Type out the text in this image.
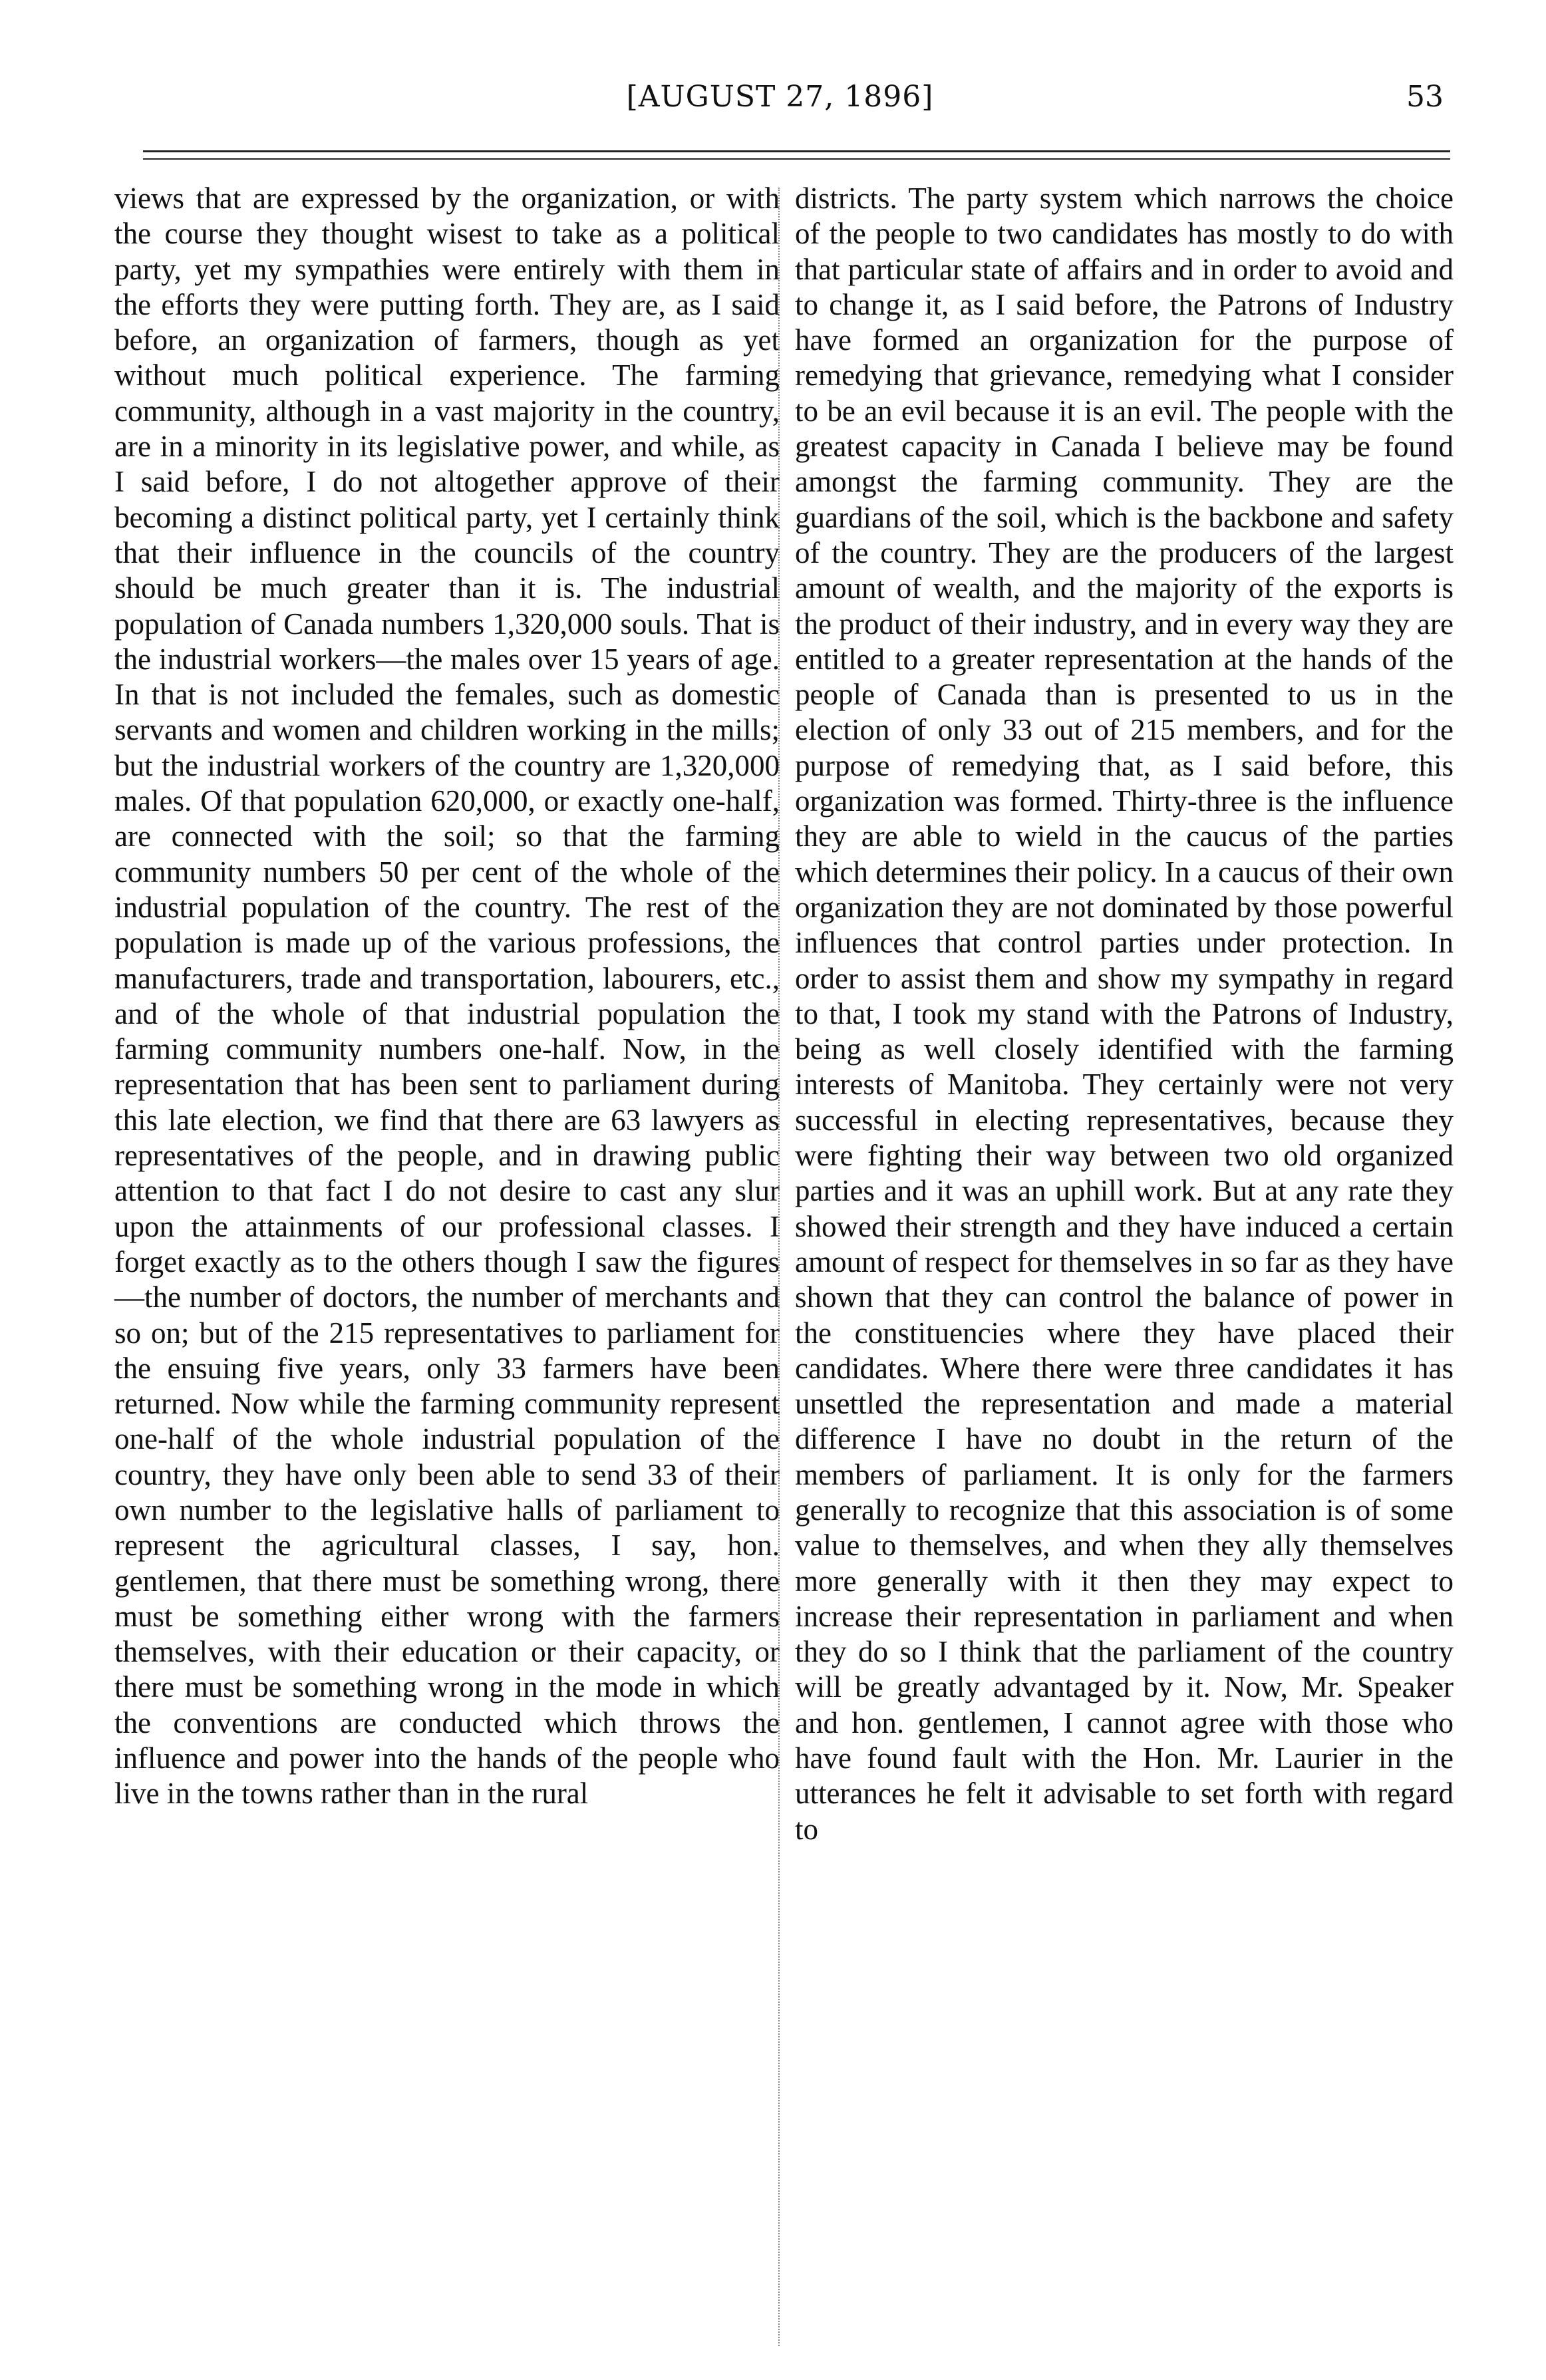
[AUGUST 27, 1896]	53

views that are expressed by the organization, or with the course they thought wisest to take as a political party, yet my sympathies were entirely with them in the efforts they were putting forth. They are, as I said before, an organization of farmers, though as yet without much political experience. The farming community, although in a vast majority in the country, are in a minority in its legislative power, and while, as I said before, I do not altogether approve of their becoming a distinct political party, yet I certainly think that their influence in the councils of the country should be much greater than it is. The industrial population of Canada numbers 1,320,000 souls. That is the industrial workers—the males over 15 years of age. In that is not included the females, such as domestic servants and women and children working in the mills; but the industrial workers of the country are 1,320,000 males. Of that population 620,000, or exactly one-half, are connected with the soil; so that the farming community numbers 50 per cent of the whole of the industrial population of the country. The rest of the population is made up of the various professions, the manufacturers, trade and transportation, labourers, etc., and of the whole of that industrial population the farming community numbers one-half. Now, in the representation that has been sent to parliament during this late election, we find that there are 63 lawyers as representatives of the people, and in drawing public attention to that fact I do not desire to cast any slur upon the attainments of our professional classes. I forget exactly as to the others though I saw the figures—the number of doctors, the number of merchants and so on; but of the 215 representatives to parliament for the ensuing five years, only 33 farmers have been returned. Now while the farming community represent one-half of the whole industrial population of the country, they have only been able to send 33 of their own number to the legislative halls of parliament to represent the agricultural classes, I say, hon. gentlemen, that there must be something wrong, there must be something either wrong with the farmers themselves, with their education or their capacity, or there must be something wrong in the mode in which the conventions are conducted which throws the influence and power into the hands of the people who live in the towns rather than in the rural

districts. The party system which narrows the choice of the people to two candidates has mostly to do with that particular state of affairs and in order to avoid and to change it, as I said before, the Patrons of Industry have formed an organization for the purpose of remedying that grievance, remedying what I consider to be an evil because it is an evil. The people with the greatest capacity in Canada I believe may be found amongst the farming community. They are the guardians of the soil, which is the backbone and safety of the country. They are the producers of the largest amount of wealth, and the majority of the exports is the product of their industry, and in every way they are entitled to a greater representation at the hands of the people of Canada than is presented to us in the election of only 33 out of 215 members, and for the purpose of remedying that, as I said before, this organization was formed. Thirty-three is the influence they are able to wield in the caucus of the parties which determines their policy. In a caucus of their own organization they are not dominated by those powerful influences that control parties under protection. In order to assist them and show my sympathy in regard to that, I took my stand with the Patrons of Industry, being as well closely identified with the farming interests of Manitoba. They certainly were not very successful in electing representatives, because they were fighting their way between two old organized parties and it was an uphill work. But at any rate they showed their strength and they have induced a certain amount of respect for themselves in so far as they have shown that they can control the balance of power in the constituencies where they have placed their candidates. Where there were three candidates it has unsettled the representation and made a material difference I have no doubt in the return of the members of parliament. It is only for the farmers generally to recognize that this association is of some value to themselves, and when they ally themselves more generally with it then they may expect to increase their representation in parliament and when they do so I think that the parliament of the country will be greatly advantaged by it. Now, Mr. Speaker and hon. gentlemen, I cannot agree with those who have found fault with the Hon. Mr. Laurier in the utterances he felt it advisable to set forth with regard to
